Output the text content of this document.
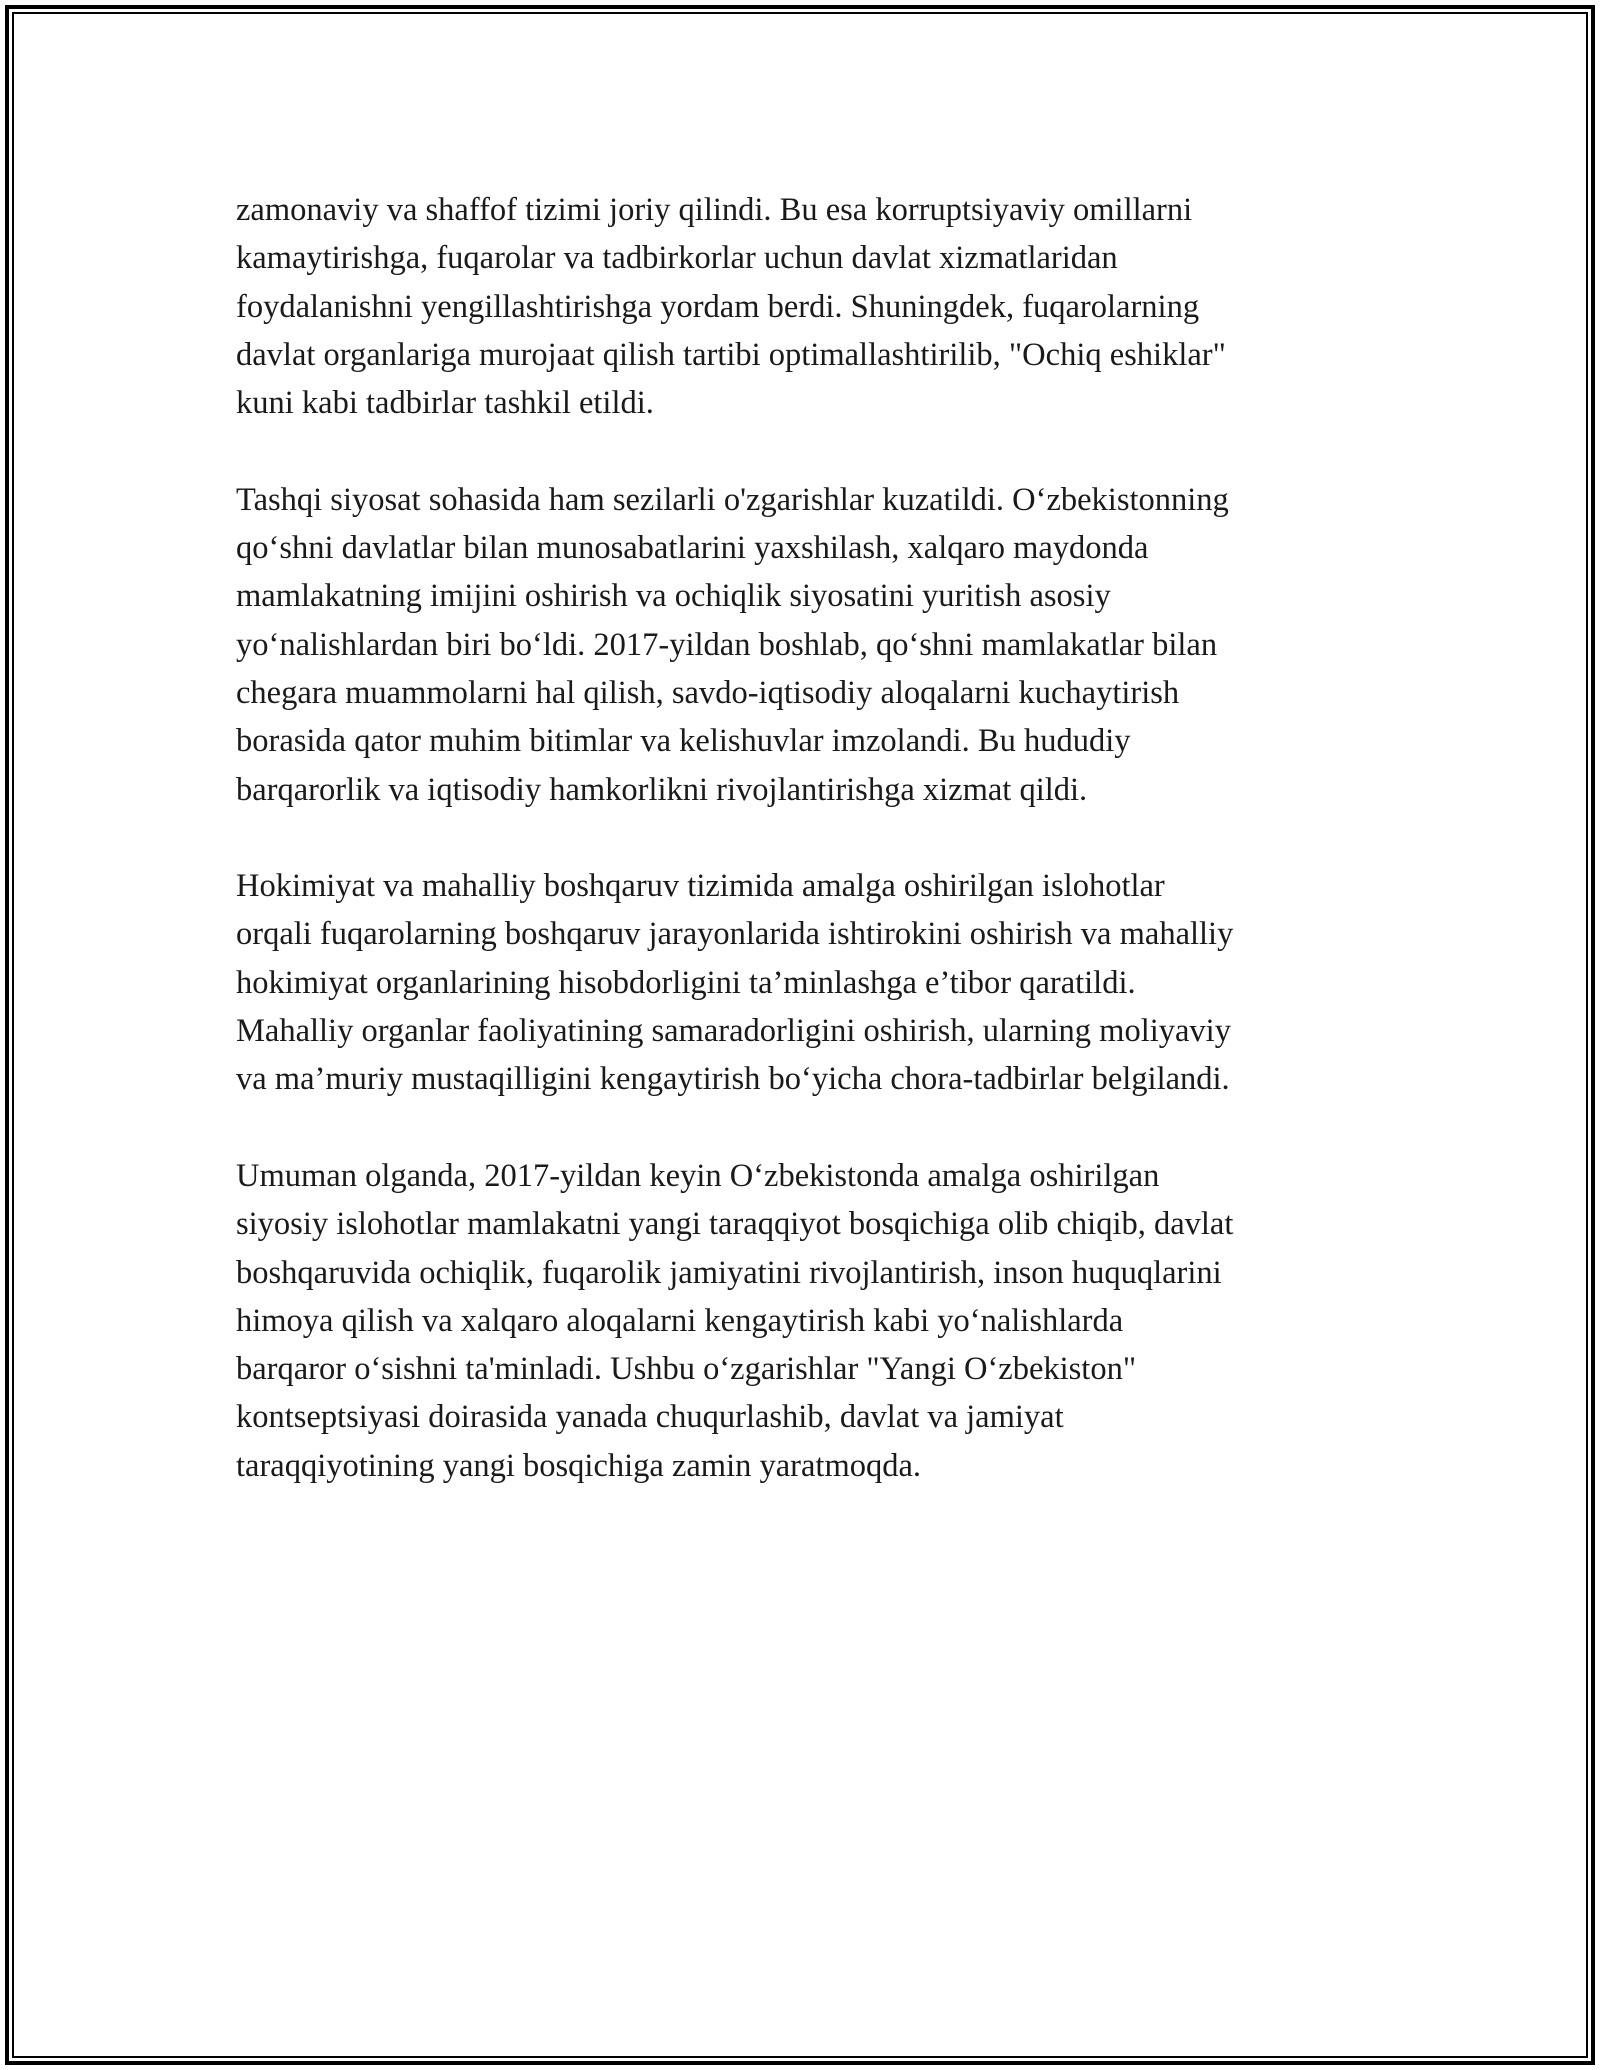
zamonaviy va shaffof tizimi joriy qilindi. Bu esa korruptsiyaviy omillarni
kamaytirishga, fuqarolar va tadbirkorlar uchun davlat xizmatlaridan
foydalanishni yengillashtirishga yordam berdi. Shuningdek, fuqarolarning
davlat organlariga murojaat qilish tartibi optimallashtirilib, "Ochiq eshiklar"
kuni kabi tadbirlar tashkil etildi.

Tashqi siyosat sohasida ham sezilarli o'zgarishlar kuzatildi. O‘zbekistonning
qo‘shni davlatlar bilan munosabatlarini yaxshilash, xalqaro maydonda
mamlakatning imijini oshirish va ochiqlik siyosatini yuritish asosiy
yo‘nalishlardan biri bo‘ldi. 2017-yildan boshlab, qo‘shni mamlakatlar bilan
chegara muammolarni hal qilish, savdo-iqtisodiy aloqalarni kuchaytirish
borasida qator muhim bitimlar va kelishuvlar imzolandi. Bu hududiy
barqarorlik va iqtisodiy hamkorlikni rivojlantirishga xizmat qildi.

Hokimiyat va mahalliy boshqaruv tizimida amalga oshirilgan islohotlar
orqali fuqarolarning boshqaruv jarayonlarida ishtirokini oshirish va mahalliy
hokimiyat organlarining hisobdorligini ta’minlashga e’tibor qaratildi.
Mahalliy organlar faoliyatining samaradorligini oshirish, ularning moliyaviy
va ma’muriy mustaqilligini kengaytirish bo‘yicha chora-tadbirlar belgilandi.

Umuman olganda, 2017-yildan keyin O‘zbekistonda amalga oshirilgan
siyosiy islohotlar mamlakatni yangi taraqqiyot bosqichiga olib chiqib, davlat
boshqaruvida ochiqlik, fuqarolik jamiyatini rivojlantirish, inson huquqlarini
himoya qilish va xalqaro aloqalarni kengaytirish kabi yo‘nalishlarda
barqaror o‘sishni ta'minladi. Ushbu o‘zgarishlar "Yangi O‘zbekiston"
kontseptsiyasi doirasida yanada chuqurlashib, davlat va jamiyat
taraqqiyotining yangi bosqichiga zamin yaratmoqda.
